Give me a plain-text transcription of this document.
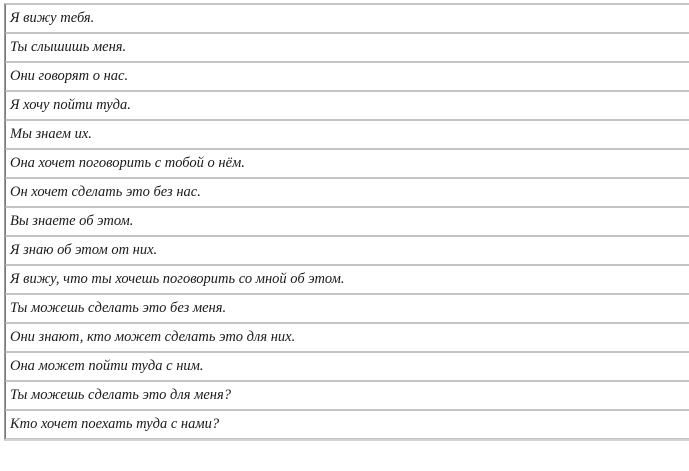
Я вижу тебя.
Ты слышишь меня.
Они говорят о нас.
Я хочу пойти туда.
Мы знаем их.
Она хочет поговорить с тобой о нём.
Он хочет сделать это без нас.
Вы знаете об этом.
Я знаю об этом от них.
Я вижу, что ты хочешь поговорить со мной об этом.
Ты можешь сделать это без меня.
Они знают, кто может сделать это для них.
Она может пойти туда с ним.
Ты можешь сделать это для меня?
Кто хочет поехать туда с нами?
